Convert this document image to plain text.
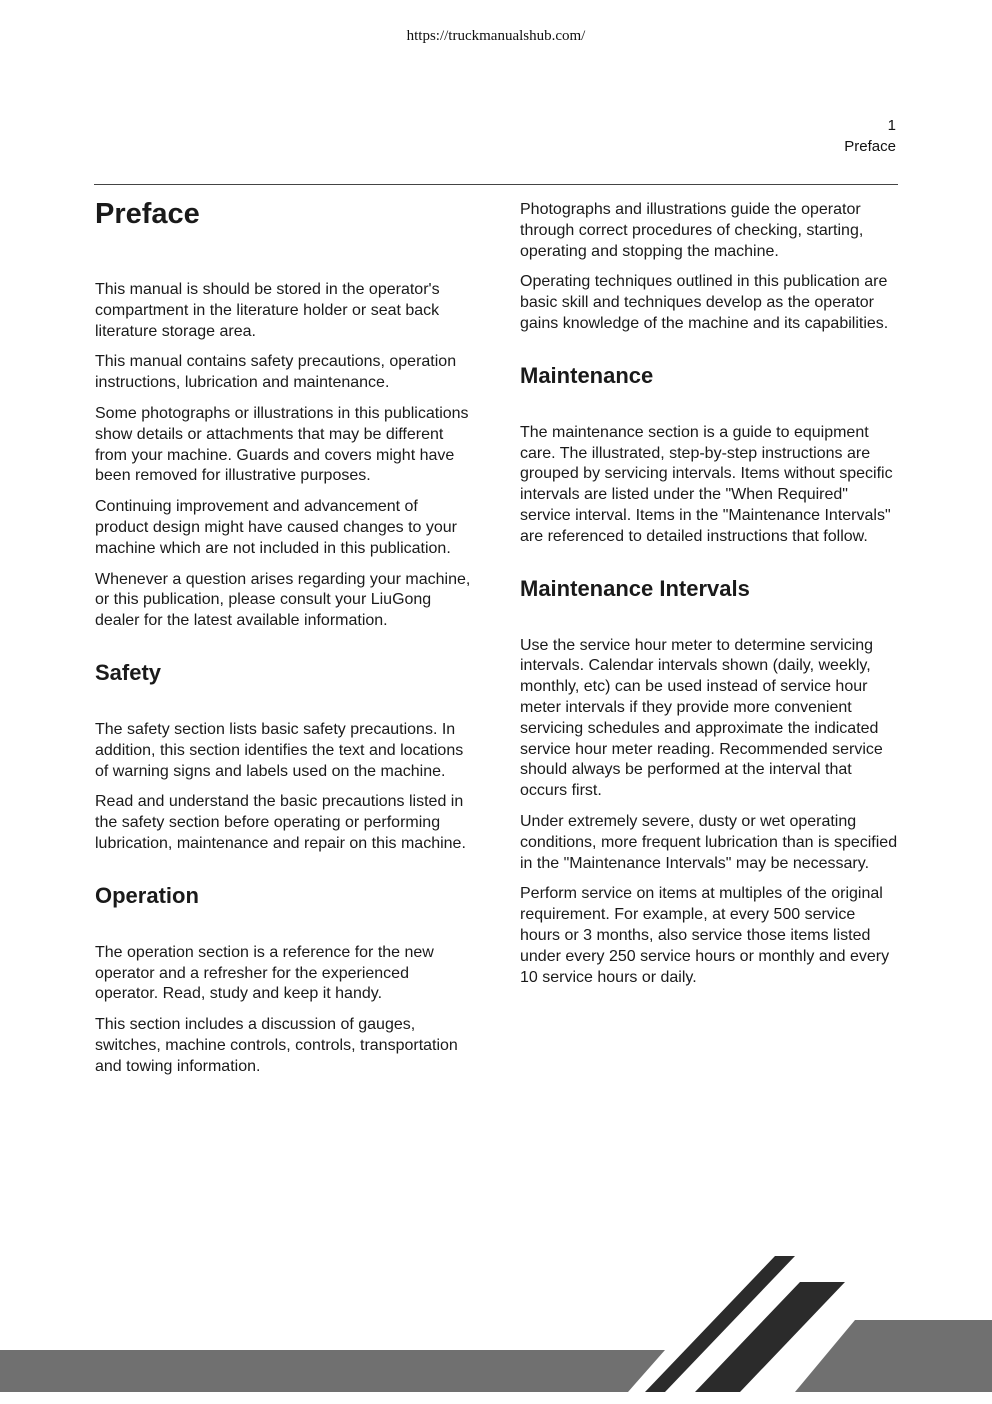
https://truckmanualshub.com/
1
Preface
Preface

This manual is should be stored in the operator's compartment in the literature holder or seat back literature storage area.

This manual contains safety precautions, operation instructions, lubrication and maintenance.

Some photographs or illustrations in this publications show details or attachments that may be different from your machine. Guards and covers might have been removed for illustrative purposes.

Continuing improvement and advancement of product design might have caused changes to your machine which are not included in this publication.

Whenever a question arises regarding your machine, or this publication, please consult your LiuGong dealer for the latest available information.

Safety

The safety section lists basic safety precautions. In addition, this section identifies the text and locations of warning signs and labels used on the machine.

Read and understand the basic precautions listed in the safety section before operating or performing lubrication, maintenance and repair on this machine.

Operation

The operation section is a reference for the new operator and a refresher for the experienced operator. Read, study and keep it handy.

This section includes a discussion of gauges, switches, machine controls, controls, transportation and towing information.

Photographs and illustrations guide the operator through correct procedures of checking, starting, operating and stopping the machine.

Operating techniques outlined in this publication are basic skill and techniques develop as the operator gains knowledge of the machine and its capabilities.

Maintenance

The maintenance section is a guide to equipment care. The illustrated, step-by-step instructions are grouped by servicing intervals. Items without specific intervals are listed under the "When Required" service interval. Items in the "Maintenance Intervals" are referenced to detailed instructions that follow.

Maintenance Intervals

Use the service hour meter to determine servicing intervals. Calendar intervals shown (daily, weekly, monthly, etc) can be used instead of service hour meter intervals if they provide more convenient servicing schedules and approximate the indicated service hour meter reading. Recommended service should always be performed at the interval that occurs first.

Under extremely severe, dusty or wet operating conditions, more frequent lubrication than is specified in the "Maintenance Intervals" may be necessary.

Perform service on items at multiples of the original requirement. For example, at every 500 service hours or 3 months, also service those items listed under every 250 service hours or monthly and every 10 service hours or daily.
